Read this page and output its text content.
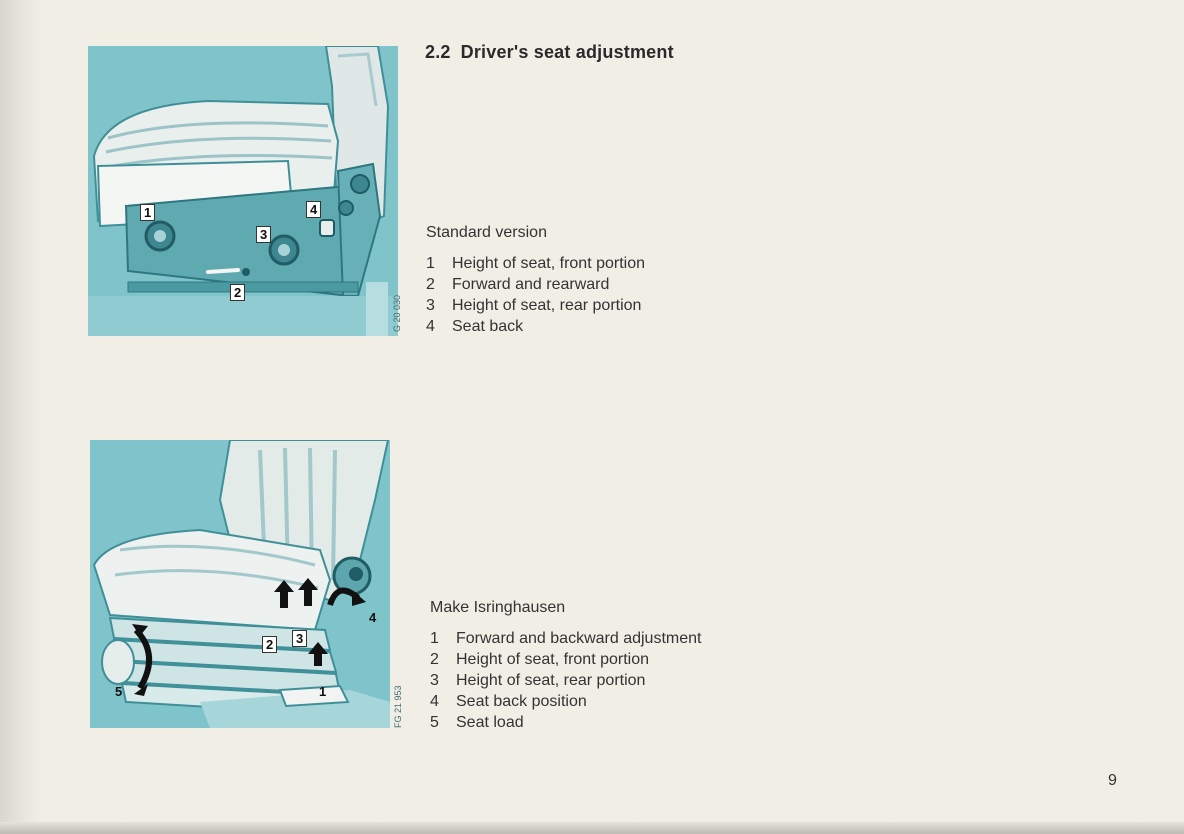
1
2
3
4
G 20 030
1
2	3
4
5	FG 21 953
2.2 Driver's seat adjustment
Standard version
1 Height of seat, front portion
2 Forward and rearward
3 Height of seat, rear portion
4 Seat back
Make Isringhausen
1 Forward and backward adjustment
2 Height of seat, front portion
3 Height of seat, rear portion
4 Seat back position
5 Seat load
9
